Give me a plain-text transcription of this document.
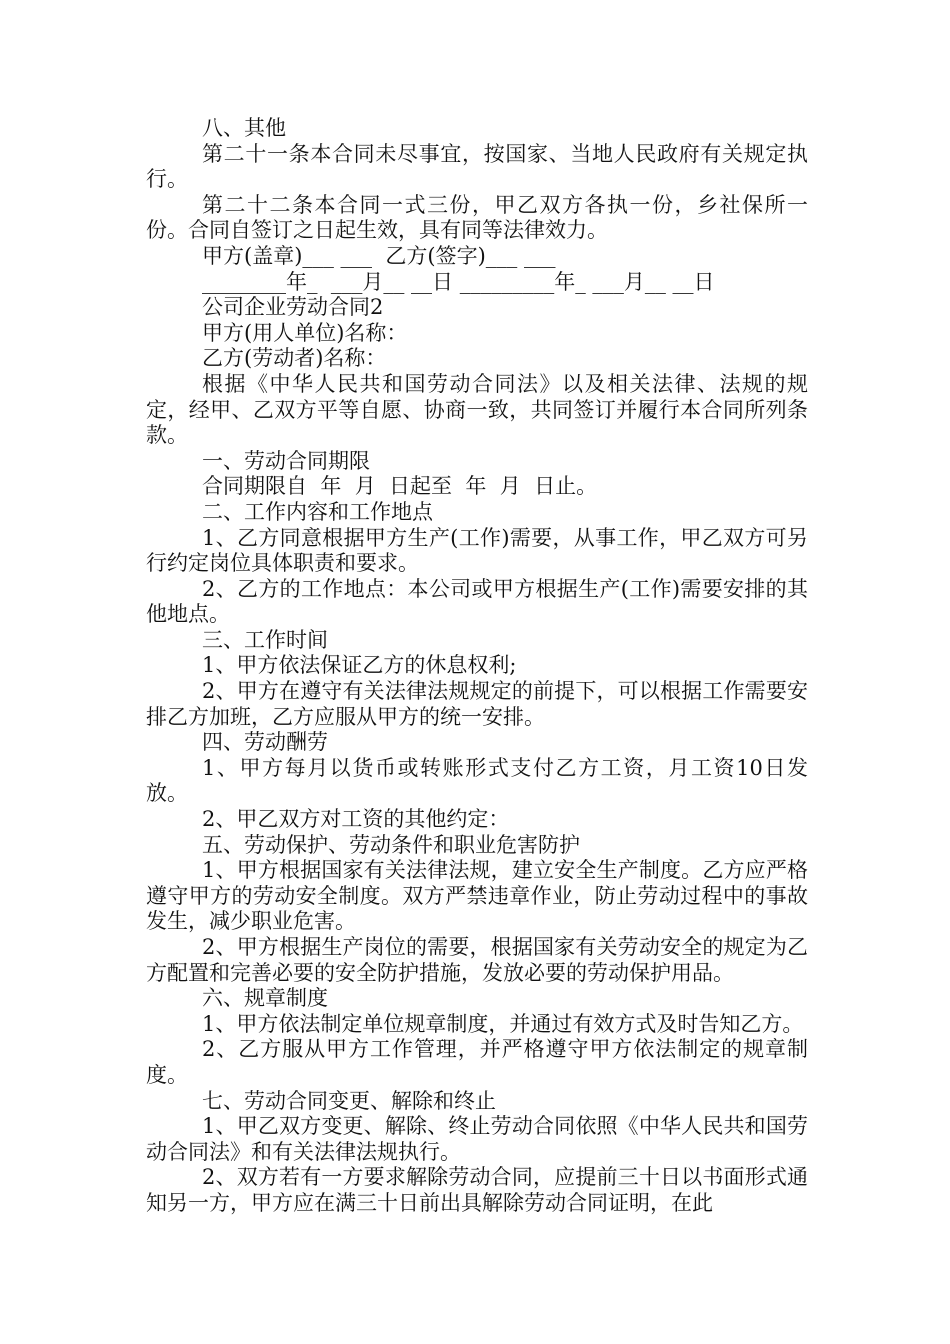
八、其他

第二十一条本合同未尽事宜，按国家、当地人民政府有关规定执行。

第二十二条本合同一式三份，甲乙双方各执一份，乡社保所一份。合同自签订之日起生效，具有同等法律效力。

甲方(盖章)___ ___  乙方(签字)___ ___

________年_  ___月__ __日 _________年_ ___月__ __日

公司企业劳动合同2

甲方(用人单位)名称：

乙方(劳动者)名称：

根据《中华人民共和国劳动合同法》以及相关法律、法规的规定，经甲、乙双方平等自愿、协商一致，共同签订并履行本合同所列条款。

一、劳动合同期限

合同期限自  年  月  日起至  年  月  日止。

二、工作内容和工作地点

1、乙方同意根据甲方生产(工作)需要，从事工作，甲乙双方可另行约定岗位具体职责和要求。

2、乙方的工作地点：本公司或甲方根据生产(工作)需要安排的其他地点。

三、工作时间

1、甲方依法保证乙方的休息权利;

2、甲方在遵守有关法律法规规定的前提下，可以根据工作需要安排乙方加班，乙方应服从甲方的统一安排。

四、劳动酬劳

1、甲方每月以货币或转账形式支付乙方工资，月工资10日发放。

2、甲乙双方对工资的其他约定：

五、劳动保护、劳动条件和职业危害防护

1、甲方根据国家有关法律法规，建立安全生产制度。乙方应严格遵守甲方的劳动安全制度。双方严禁违章作业，防止劳动过程中的事故发生，减少职业危害。

2、甲方根据生产岗位的需要，根据国家有关劳动安全的规定为乙方配置和完善必要的安全防护措施，发放必要的劳动保护用品。

六、规章制度

1、甲方依法制定单位规章制度，并通过有效方式及时告知乙方。

2、乙方服从甲方工作管理，并严格遵守甲方依法制定的规章制度。

七、劳动合同变更、解除和终止

1、甲乙双方变更、解除、终止劳动合同依照《中华人民共和国劳动合同法》和有关法律法规执行。

2、双方若有一方要求解除劳动合同，应提前三十日以书面形式通知另一方，甲方应在满三十日前出具解除劳动合同证明，在此
